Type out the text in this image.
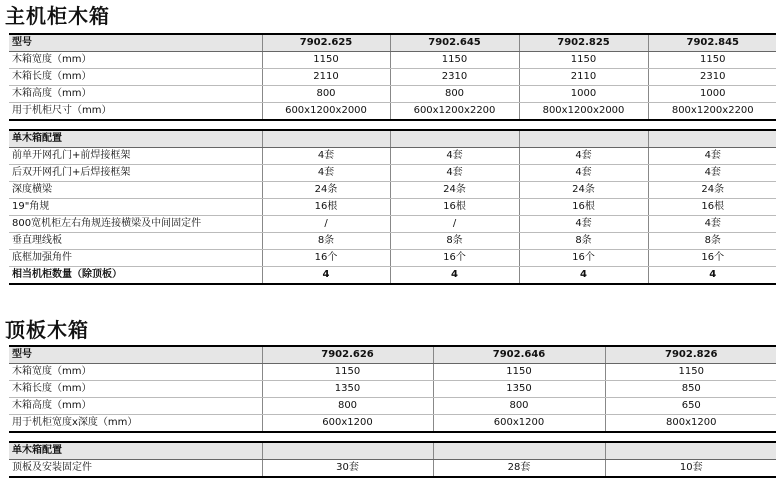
主机柜木箱
型号	7902.625	7902.645	7902.825	7902.845
木箱宽度（mm）	1150	1150	1150	1150
木箱长度（mm）	2110	2310	2110	2310
木箱高度（mm）	800	800	1000	1000
用于机柜尺寸（mm）	600x1200x2000	600x1200x2200	800x1200x2000	800x1200x2200

单木箱配置				
前单开网孔门+前焊接框架	4套	4套	4套	4套
后双开网孔门+后焊接框架	4套	4套	4套	4套
深度横梁	24条	24条	24条	24条
19"角规	16根	16根	16根	16根
800宽机柜左右角规连接横梁及中间固定件	/	/	4套	4套
垂直理线板	8条	8条	8条	8条
底框加强角件	16个	16个	16个	16个
相当机柜数量（除顶板）	4	4	4	4
顶板木箱
型号	7902.626	7902.646	7902.826
木箱宽度（mm）	1150	1150	1150
木箱长度（mm）	1350	1350	850
木箱高度（mm）	800	800	650
用于机柜宽度x深度（mm）	600x1200	600x1200	800x1200

单木箱配置			
顶板及安装固定件	30套	28套	10套
